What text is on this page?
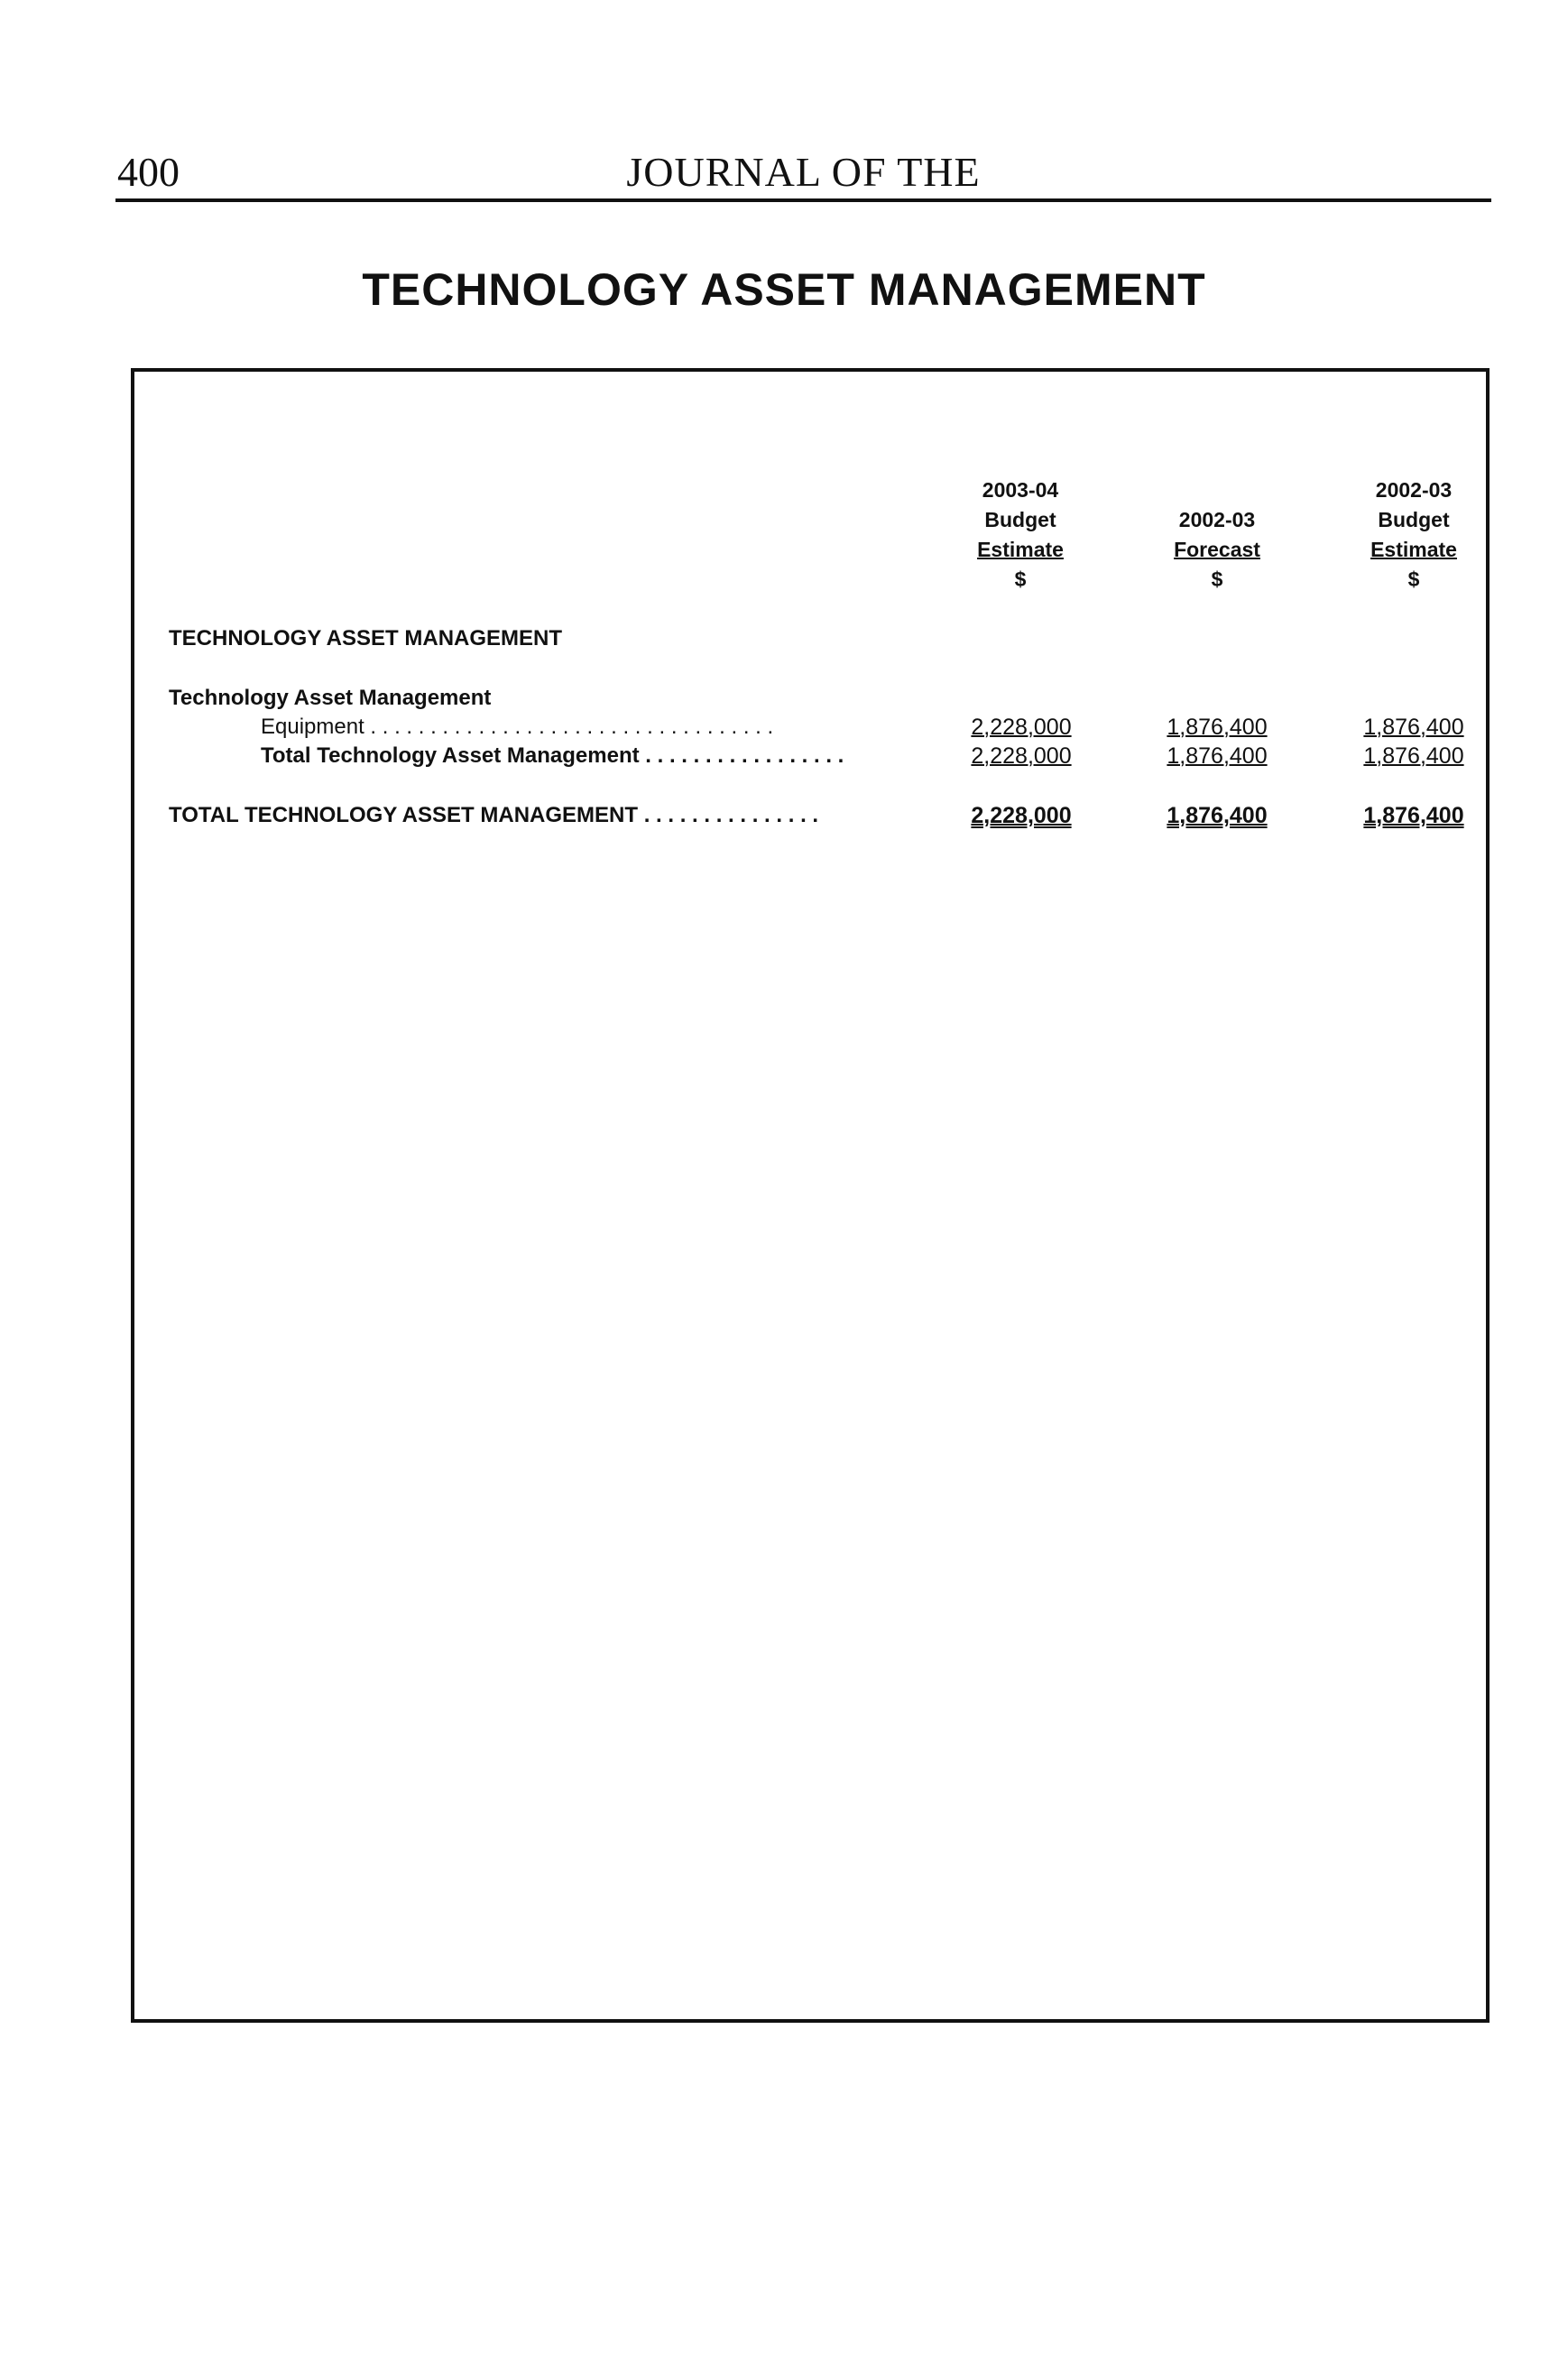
400	JOURNAL OF THE
TECHNOLOGY ASSET MANAGEMENT
2003-04
Budget
Estimate
$
2002-03
Forecast
$
2002-03
Budget
Estimate
$
TECHNOLOGY ASSET MANAGEMENT
Technology Asset Management
Equipment . . . . . . . . . . . . . . . . . . . . . . . . . . . . . . . . . .	2,228,000	1,876,400	1,876,400
Total Technology Asset Management . . . . . . . . . . . . . . . . .	2,228,000	1,876,400	1,876,400
TOTAL TECHNOLOGY ASSET MANAGEMENT . . . . . . . . . . . . . . .	2,228,000	1,876,400	1,876,400
